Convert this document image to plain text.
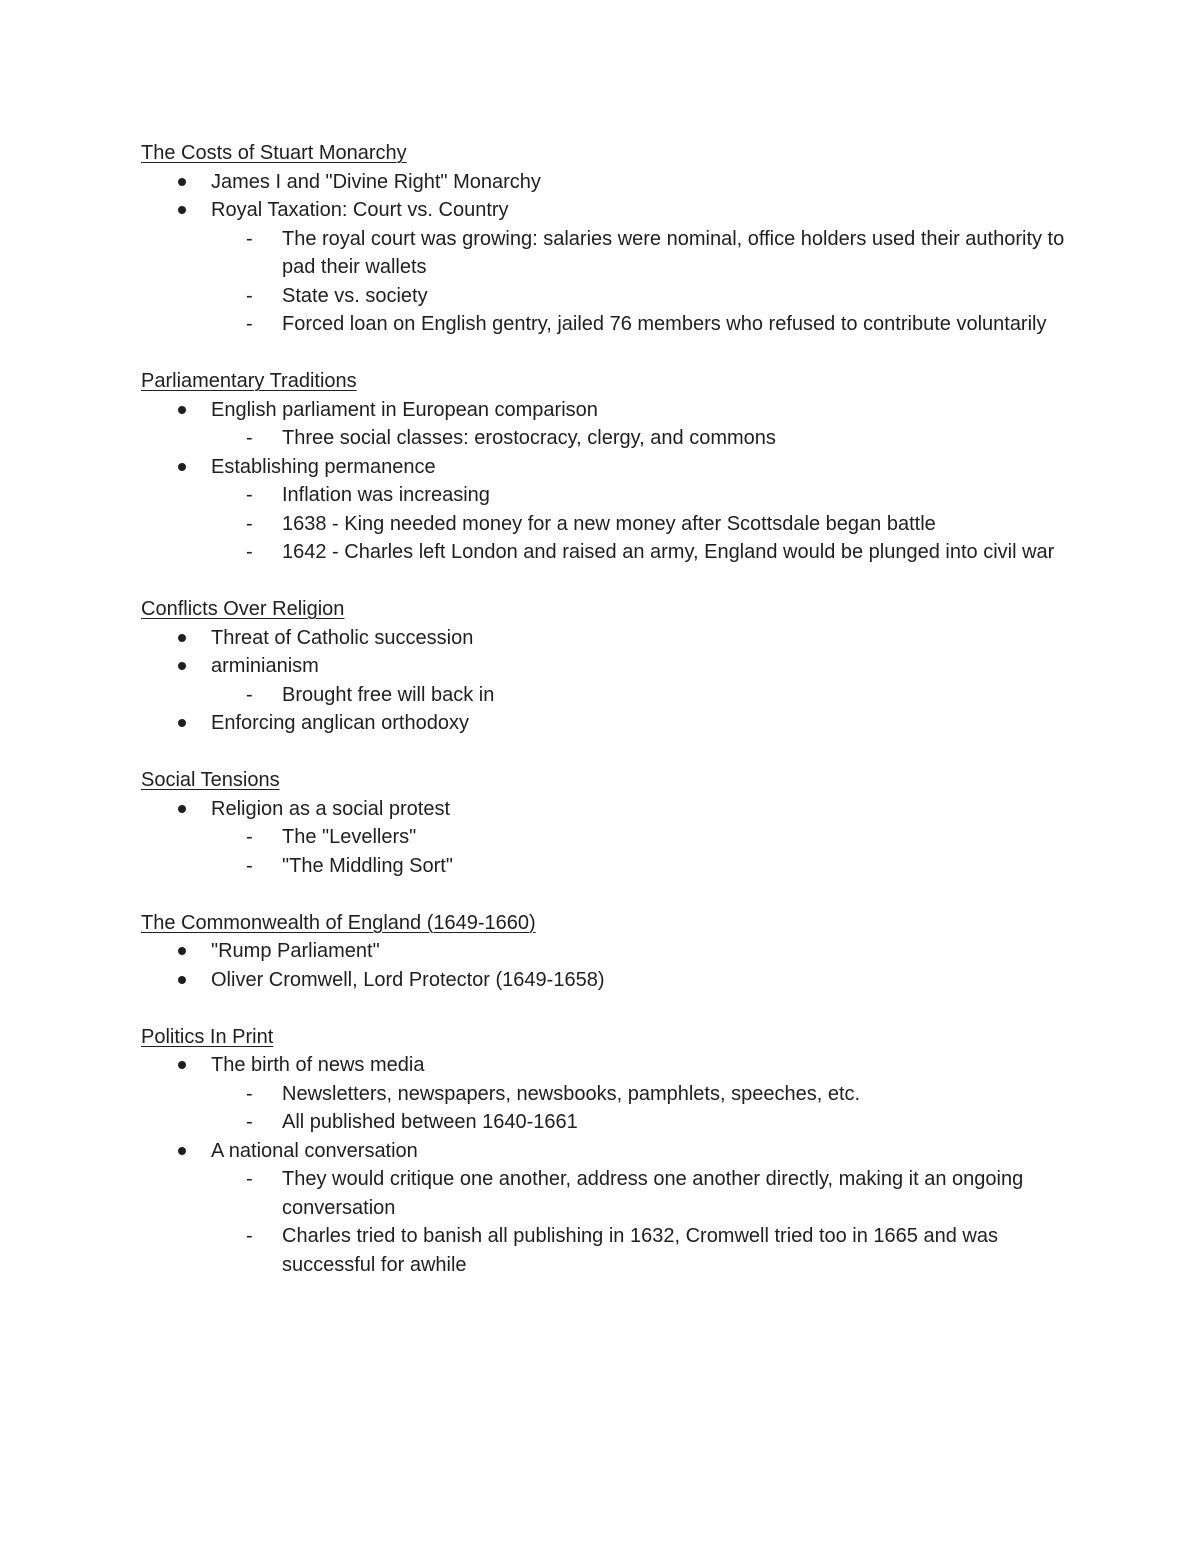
The Costs of Stuart Monarchy
James I and "Divine Right" Monarchy
Royal Taxation: Court vs. Country
- The royal court was growing: salaries were nominal, office holders used their authority to pad their wallets
- State vs. society
- Forced loan on English gentry, jailed 76 members who refused to contribute voluntarily
Parliamentary Traditions
English parliament in European comparison
- Three social classes: erostocracy, clergy, and commons
Establishing permanence
- Inflation was increasing
- 1638 - King needed money for a new money after Scottsdale began battle
- 1642 - Charles left London and raised an army, England would be plunged into civil war
Conflicts Over Religion
Threat of Catholic succession
arminianism
- Brought free will back in
Enforcing anglican orthodoxy
Social Tensions
Religion as a social protest
- The "Levellers"
- "The Middling Sort"
The Commonwealth of England (1649-1660)
"Rump Parliament"
Oliver Cromwell, Lord Protector (1649-1658)
Politics In Print
The birth of news media
- Newsletters, newspapers, newsbooks, pamphlets, speeches, etc.
- All published between 1640-1661
A national conversation
- They would critique one another, address one another directly, making it an ongoing conversation
- Charles tried to banish all publishing in 1632, Cromwell tried too in 1665 and was successful for awhile
